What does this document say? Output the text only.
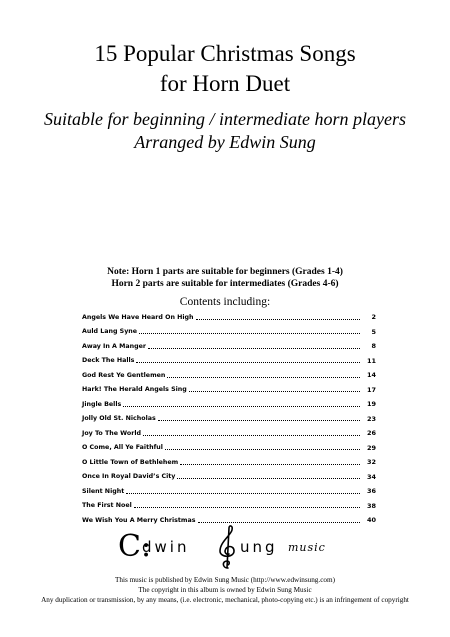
15 Popular Christmas Songs
for Horn Duet
Suitable for beginning / intermediate horn players
Arranged by Edwin Sung
Note: Horn 1 parts are suitable for beginners (Grades 1-4)
Horn 2 parts are suitable for intermediates (Grades 4-6)
Contents including:
Angels We Have Heard On High	2
Auld Lang Syne	5
Away In A Manger	8
Deck The Halls	11
God Rest Ye Gentlemen	14
Hark! The Herald Angels Sing	17
Jingle Bells	19
Jolly Old St. Nicholas	23
Joy To The World	26
O Come, All Ye Faithful	29
O Little Town of Bethlehem	32
Once In Royal David’s City	34
Silent Night	36
The First Noel	38
We Wish You A Merry Christmas	40
C:
dwin	ung music
This music is published by Edwin Sung Music (http://www.edwinsung.com)
The copyright in this album is owned by Edwin Sung Music
Any duplication or transmission, by any means, (i.e. electronic, mechanical, photo-copying etc.) is an infringement of copyright
